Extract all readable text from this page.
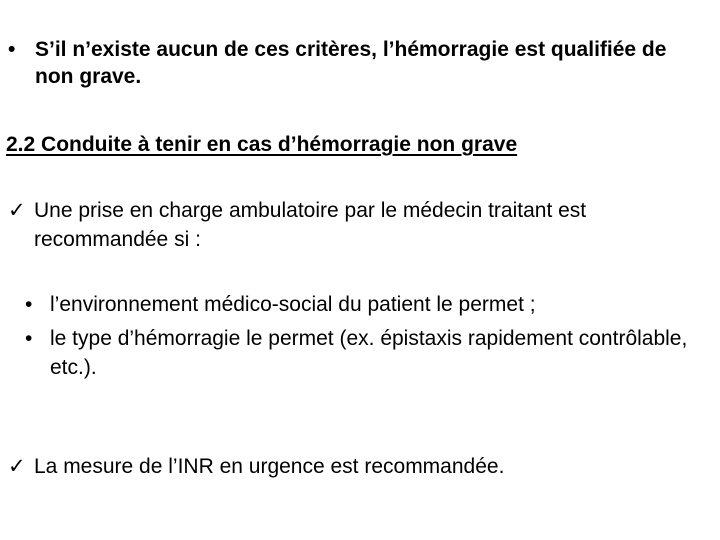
• S’il n’existe aucun de ces critères, l’hémorragie est qualifiée de non grave.
2.2 Conduite à tenir en cas d’hémorragie non grave
✓ Une prise en charge ambulatoire par le médecin traitant est recommandée si :
• l’environnement médico-social du patient le permet ;
• le type d’hémorragie le permet (ex. épistaxis rapidement contrôlable, etc.).
✓ La mesure de l’INR en urgence est recommandée.
